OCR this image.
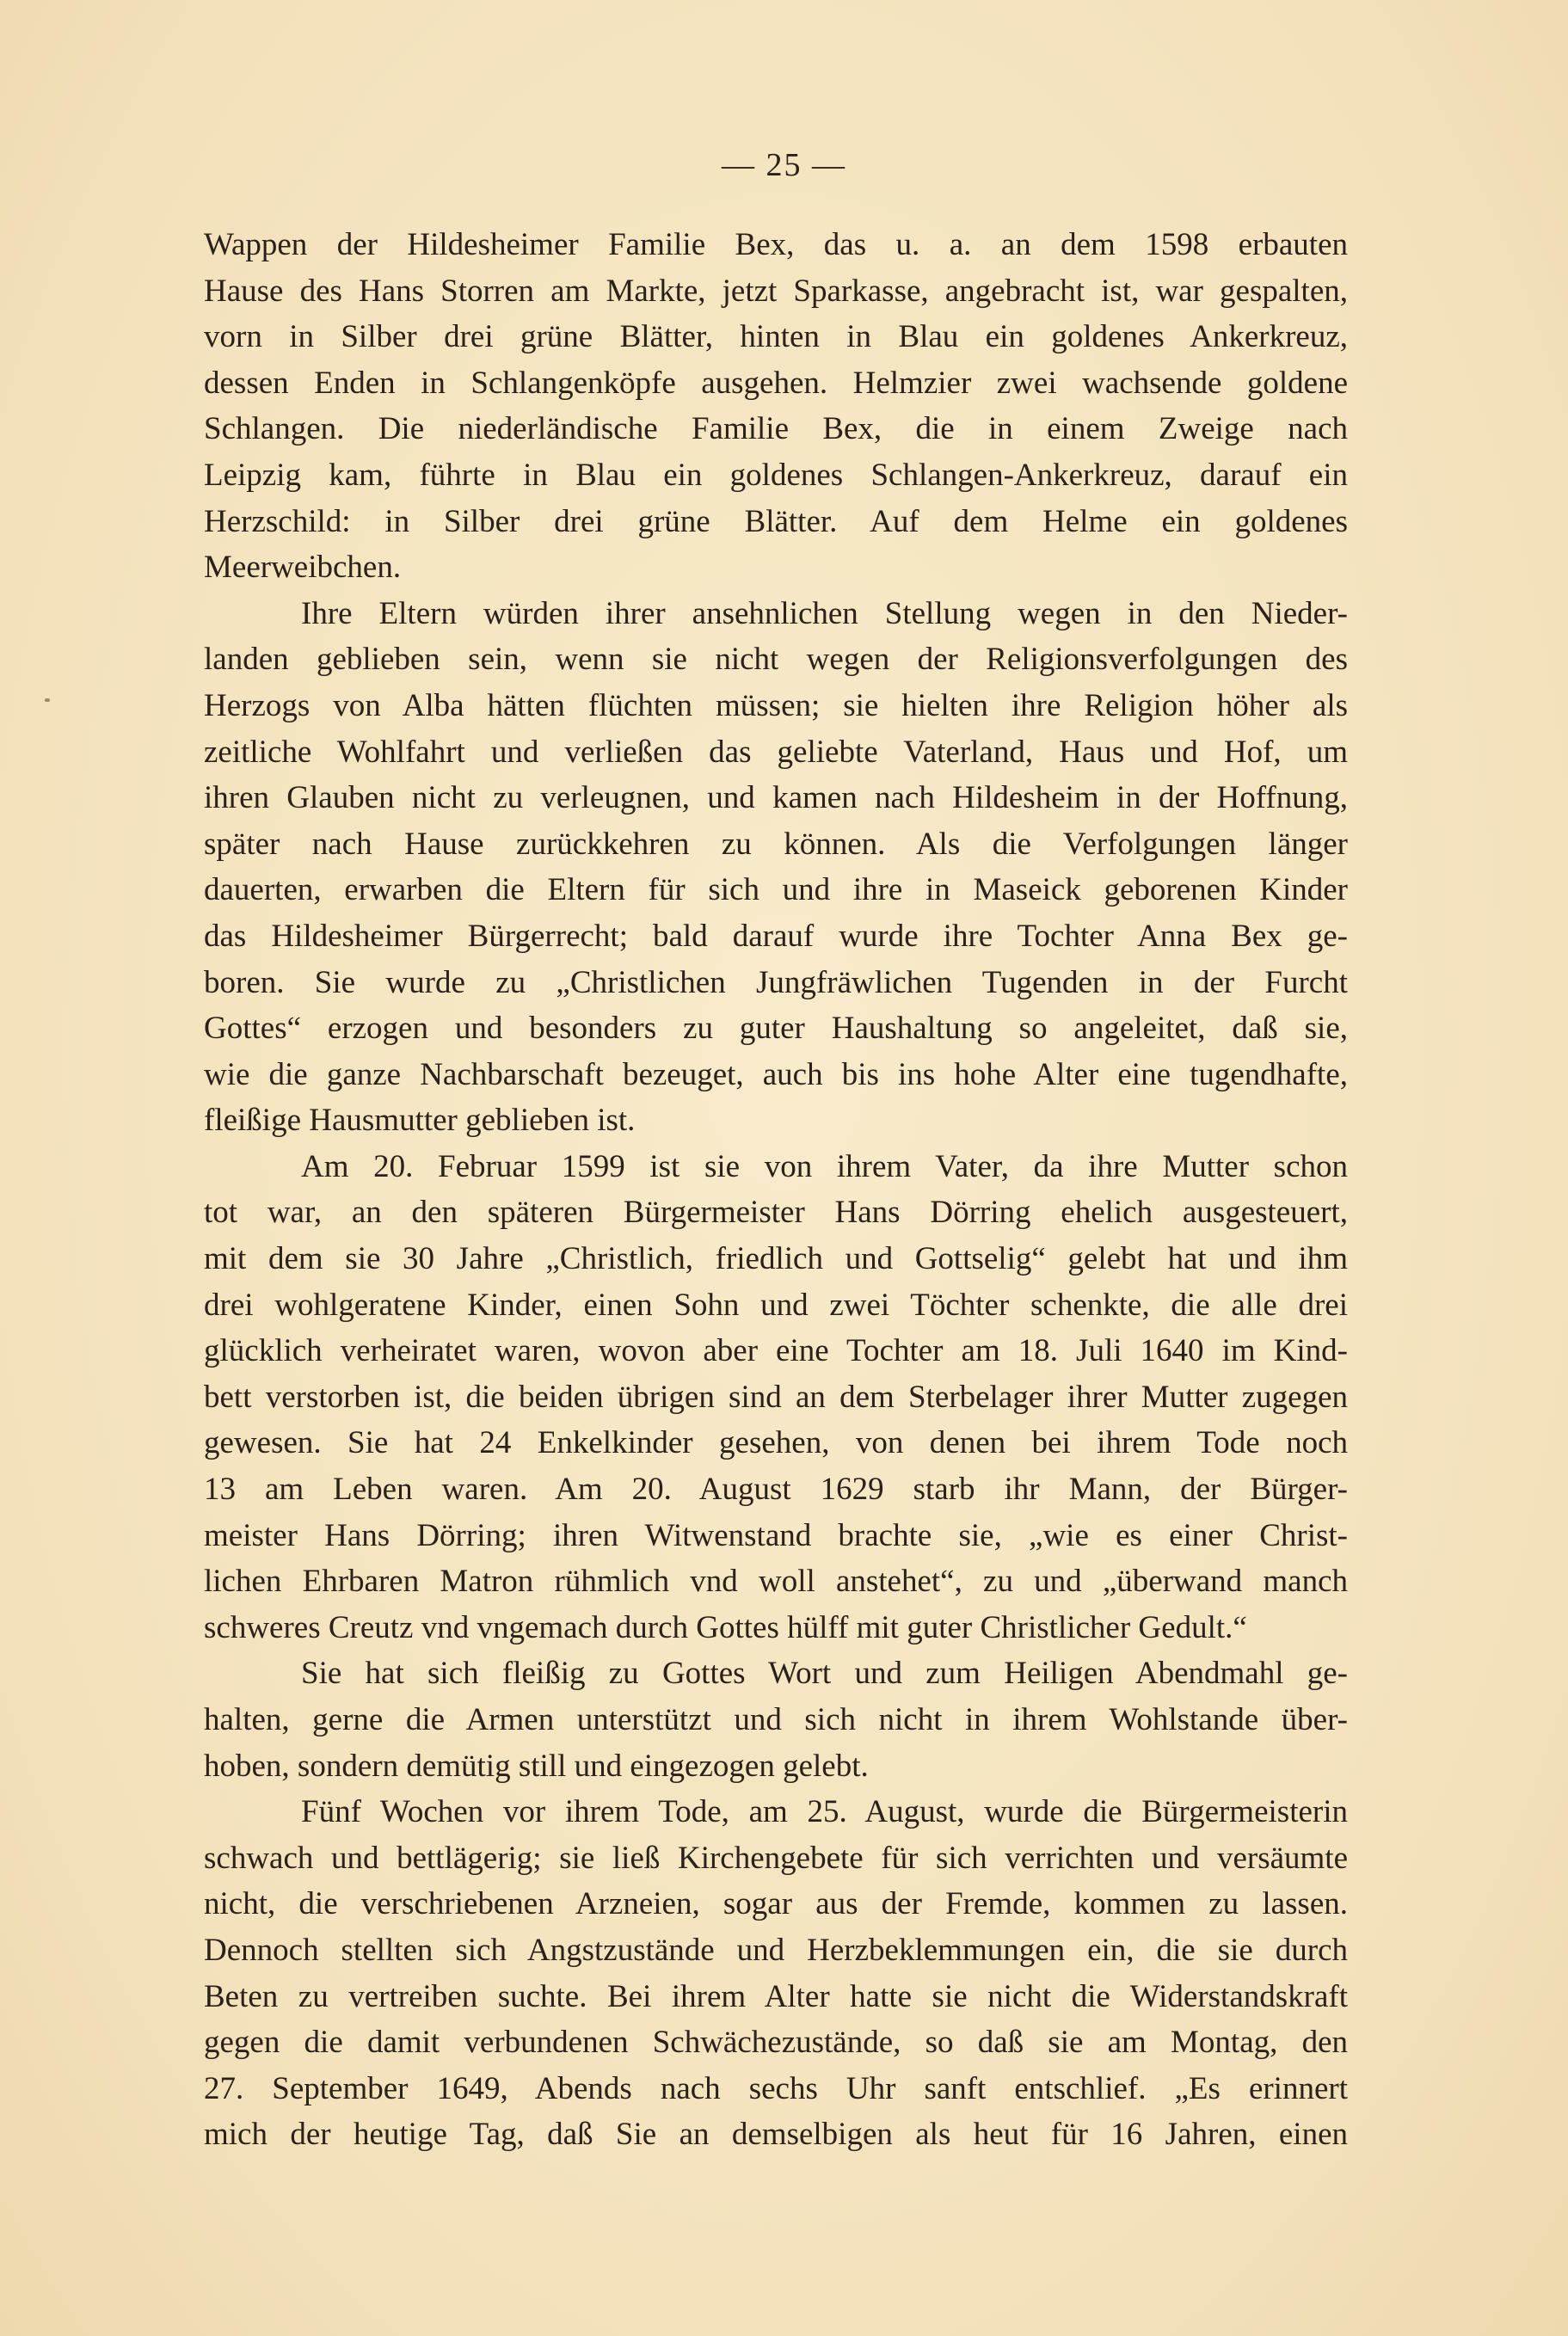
— 25 —
Wappen der Hildesheimer Familie Bex, das u. a. an dem 1598 erbauten
Hause des Hans Storren am Markte, jetzt Sparkasse, angebracht ist, war gespalten,
vorn in Silber drei grüne Blätter, hinten in Blau ein goldenes Ankerkreuz,
dessen Enden in Schlangenköpfe ausgehen. Helmzier zwei wachsende goldene
Schlangen. Die niederländische Familie Bex, die in einem Zweige nach
Leipzig kam, führte in Blau ein goldenes Schlangen-Ankerkreuz, darauf ein
Herzschild: in Silber drei grüne Blätter. Auf dem Helme ein goldenes
Meerweibchen.
Ihre Eltern würden ihrer ansehnlichen Stellung wegen in den Nieder-
landen geblieben sein, wenn sie nicht wegen der Religionsverfolgungen des
Herzogs von Alba hätten flüchten müssen; sie hielten ihre Religion höher als
zeitliche Wohlfahrt und verließen das geliebte Vaterland, Haus und Hof, um
ihren Glauben nicht zu verleugnen, und kamen nach Hildesheim in der Hoffnung,
später nach Hause zurückkehren zu können. Als die Verfolgungen länger
dauerten, erwarben die Eltern für sich und ihre in Maseick geborenen Kinder
das Hildesheimer Bürgerrecht; bald darauf wurde ihre Tochter Anna Bex ge-
boren. Sie wurde zu „Christlichen Jungfräwlichen Tugenden in der Furcht
Gottes“ erzogen und besonders zu guter Haushaltung so angeleitet, daß sie,
wie die ganze Nachbarschaft bezeuget, auch bis ins hohe Alter eine tugendhafte,
fleißige Hausmutter geblieben ist.
Am 20. Februar 1599 ist sie von ihrem Vater, da ihre Mutter schon
tot war, an den späteren Bürgermeister Hans Dörring ehelich ausgesteuert,
mit dem sie 30 Jahre „Christlich, friedlich und Gottselig“ gelebt hat und ihm
drei wohlgeratene Kinder, einen Sohn und zwei Töchter schenkte, die alle drei
glücklich verheiratet waren, wovon aber eine Tochter am 18. Juli 1640 im Kind-
bett verstorben ist, die beiden übrigen sind an dem Sterbelager ihrer Mutter zugegen
gewesen. Sie hat 24 Enkelkinder gesehen, von denen bei ihrem Tode noch
13 am Leben waren. Am 20. August 1629 starb ihr Mann, der Bürger-
meister Hans Dörring; ihren Witwenstand brachte sie, „wie es einer Christ-
lichen Ehrbaren Matron rühmlich vnd woll anstehet“, zu und „überwand manch
schweres Creutz vnd vngemach durch Gottes hülff mit guter Christlicher Gedult.“
Sie hat sich fleißig zu Gottes Wort und zum Heiligen Abendmahl ge-
halten, gerne die Armen unterstützt und sich nicht in ihrem Wohlstande über-
hoben, sondern demütig still und eingezogen gelebt.
Fünf Wochen vor ihrem Tode, am 25. August, wurde die Bürgermeisterin
schwach und bettlägerig; sie ließ Kirchengebete für sich verrichten und versäumte
nicht, die verschriebenen Arzneien, sogar aus der Fremde, kommen zu lassen.
Dennoch stellten sich Angstzustände und Herzbeklemmungen ein, die sie durch
Beten zu vertreiben suchte. Bei ihrem Alter hatte sie nicht die Widerstandskraft
gegen die damit verbundenen Schwächezustände, so daß sie am Montag, den
27. September 1649, Abends nach sechs Uhr sanft entschlief. „Es erinnert
mich der heutige Tag, daß Sie an demselbigen als heut für 16 Jahren, einen
